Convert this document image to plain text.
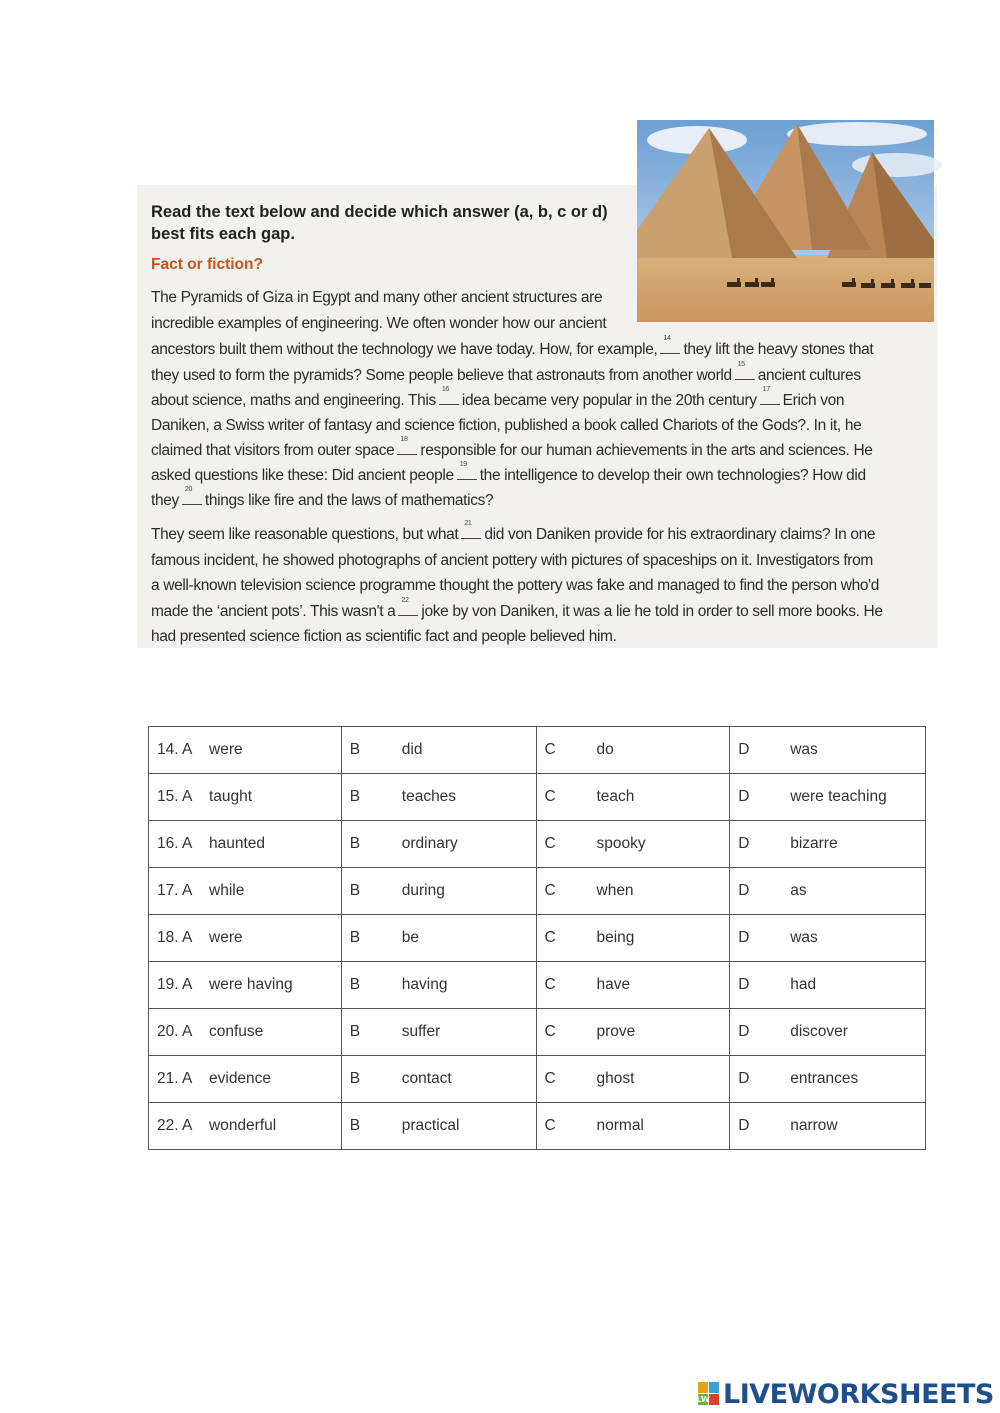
Read the text below and decide which answer (a, b, c or d) best fits each gap.
Fact or fiction?
The Pyramids of Giza in Egypt and many other ancient structures are
incredible examples of engineering. We often wonder how our ancient
ancestors built them without the technology we have today. How, for example,
14
they lift the heavy stones that
they used to form the pyramids? Some people believe that astronauts from another world
15
ancient cultures
about science, maths and engineering. This
16
idea became very popular in the 20th century
17
Erich von
Daniken, a Swiss writer of fantasy and science fiction, published a book called Chariots of the Gods?. In it, he
claimed that visitors from outer space
18
responsible for our human achievements in the arts and sciences. He
asked questions like these: Did ancient people
19
the intelligence to develop their own technologies? How did
they
20
things like fire and the laws of mathematics?
They seem like reasonable questions, but what
21
did von Daniken provide for his extraordinary claims? In one
famous incident, he showed photographs of ancient pottery with pictures of spaceships on it. Investigators from
a well-known television science programme thought the pottery was fake and managed to find the person who'd
made the ‘ancient pots’. This wasn't a
22
joke by von Daniken, it was a lie he told in order to sell more books. He
had presented science fiction as scientific fact and people believed him.
14. A were	B did	C do	D was

15. A taught	B teaches	C teach	D were teaching

16. A haunted	B ordinary	C spooky	D bizarre

17. A while	B during	C when	D as

18. A were	B be	C being	D was

19. A were having	B having	C have	D had

20. A confuse	B suffer	C prove	D discover

21. A evidence	B contact	C ghost	D entrances

22. A wonderful	B practical	C normal	D narrow
LW LIVEWORKSHEETS
